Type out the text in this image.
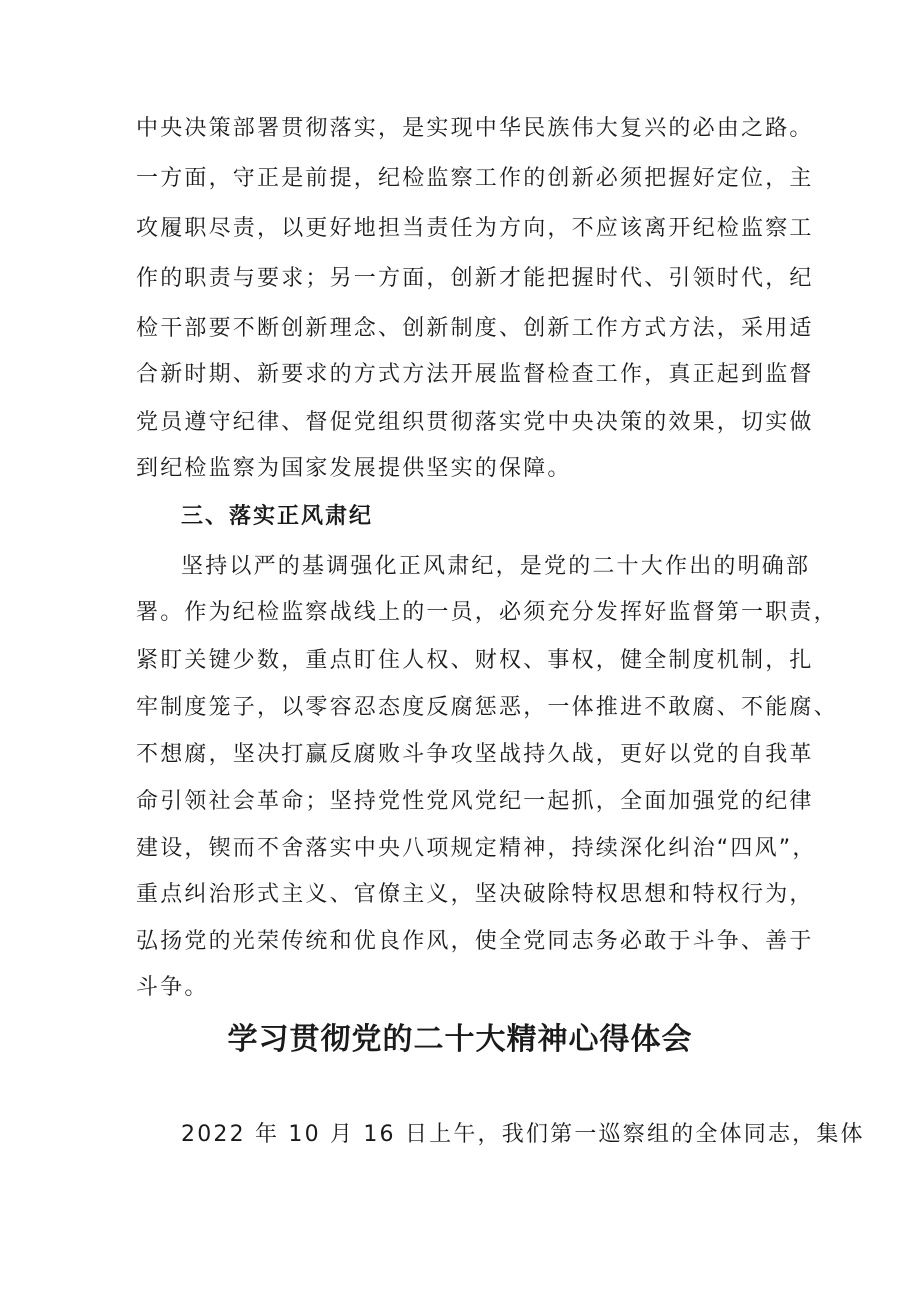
中央决策部署贯彻落实，是实现中华民族伟大复兴的必由之路。
一方面，守正是前提，纪检监察工作的创新必须把握好定位，主
攻履职尽责，以更好地担当责任为方向，不应该离开纪检监察工
作的职责与要求；另一方面，创新才能把握时代、引领时代，纪
检干部要不断创新理念、创新制度、创新工作方式方法，采用适
合新时期、新要求的方式方法开展监督检查工作，真正起到监督
党员遵守纪律、督促党组织贯彻落实党中央决策的效果，切实做
到纪检监察为国家发展提供坚实的保障。
三、落实正风肃纪
坚持以严的基调强化正风肃纪，是党的二十大作出的明确部
署。作为纪检监察战线上的一员，必须充分发挥好监督第一职责，
紧盯关键少数，重点盯住人权、财权、事权，健全制度机制，扎
牢制度笼子，以零容忍态度反腐惩恶，一体推进不敢腐、不能腐、
不想腐，坚决打赢反腐败斗争攻坚战持久战，更好以党的自我革
命引领社会革命；坚持党性党风党纪一起抓，全面加强党的纪律
建设，锲而不舍落实中央八项规定精神，持续深化纠治“四风”，
重点纠治形式主义、官僚主义，坚决破除特权思想和特权行为，
弘扬党的光荣传统和优良作风，使全党同志务必敢于斗争、善于
斗争。
学习贯彻党的二十大精神心得体会
2022 年 10 月 16 日上午，我们第一巡察组的全体同志，集体
